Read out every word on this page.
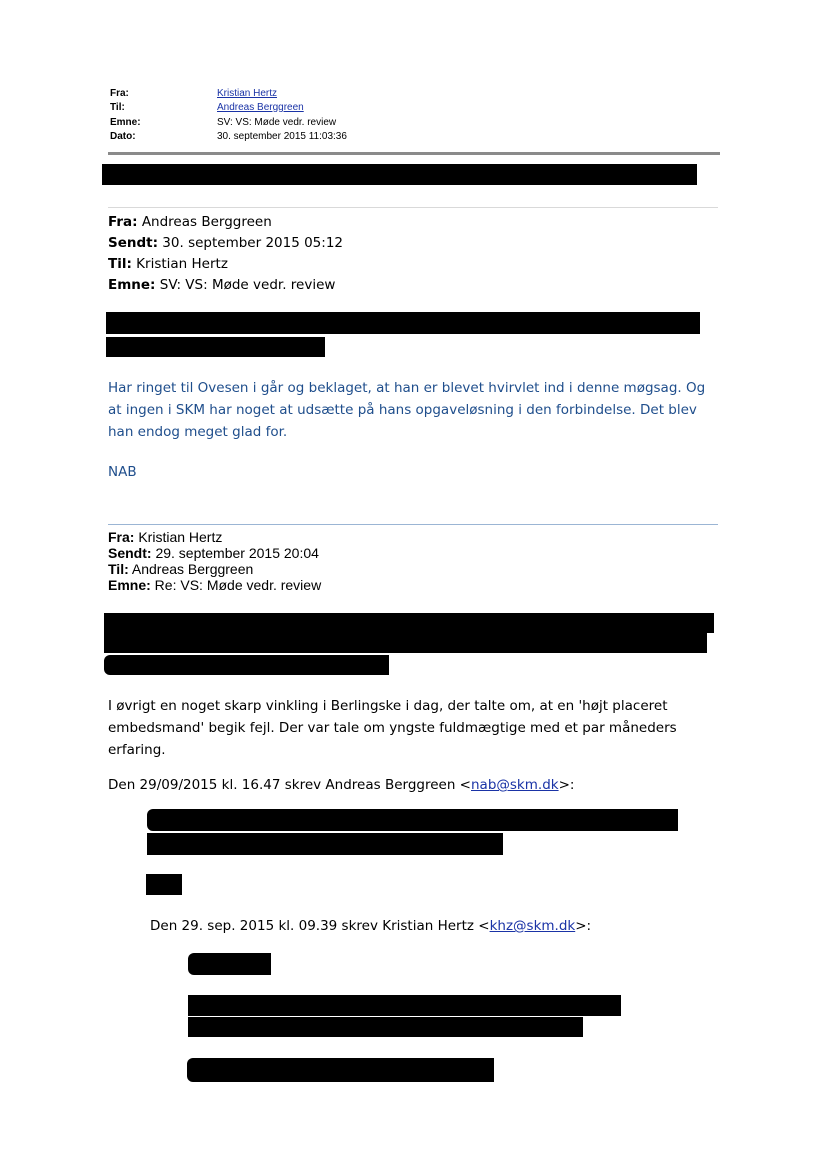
Fra:	Kristian Hertz
Til:	Andreas Berggreen
Emne:	SV: VS: Møde vedr. review
Dato:	30. september 2015 11:03:36
Fra: Andreas Berggreen
Sendt: 30. september 2015 05:12
Til: Kristian Hertz
Emne: SV: VS: Møde vedr. review
Har ringet til Ovesen i går og beklaget, at han er blevet hvirvlet ind i denne møgsag. Og at ingen i SKM har noget at udsætte på hans opgaveløsning i den forbindelse. Det blev han endog meget glad for.
NAB
Fra: Kristian Hertz
Sendt: 29. september 2015 20:04
Til: Andreas Berggreen
Emne: Re: VS: Møde vedr. review
I øvrigt en noget skarp vinkling i Berlingske i dag, der talte om, at en 'højt placeret embedsmand' begik fejl. Der var tale om yngste fuldmægtige med et par måneders erfaring.
Den 29/09/2015 kl. 16.47 skrev Andreas Berggreen <nab@skm.dk>:
Den 29. sep. 2015 kl. 09.39 skrev Kristian Hertz <khz@skm.dk>:
